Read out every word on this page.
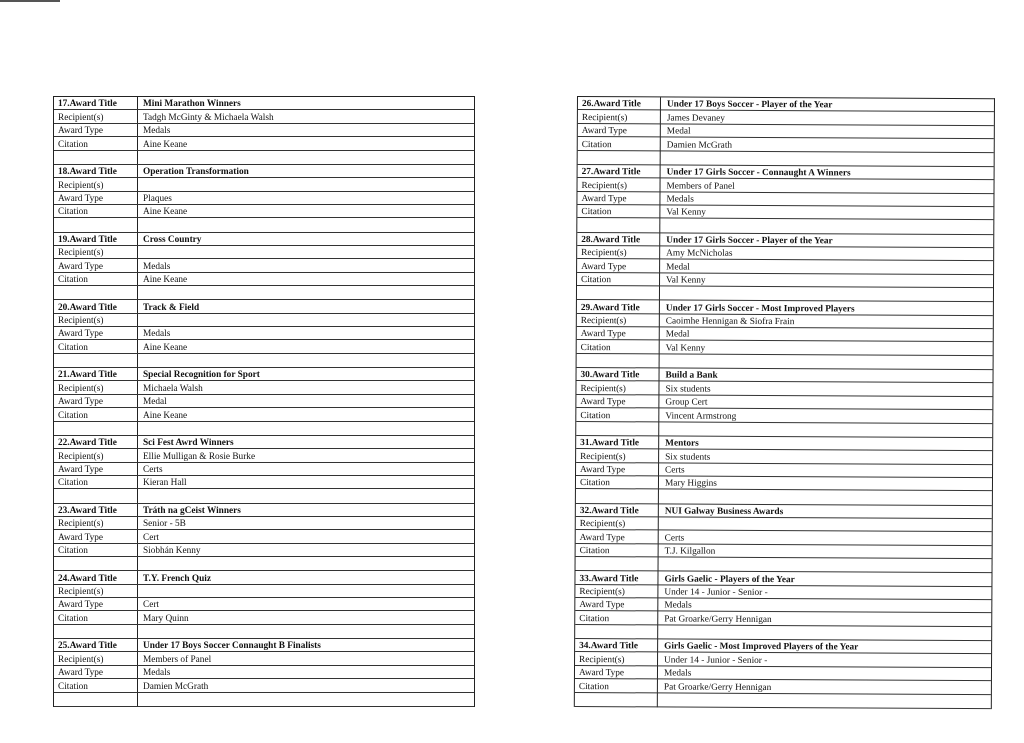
17.Award Title	Mini Marathon Winners
Recipient(s)	Tadgh McGinty & Michaela Walsh
Award Type	Medals
Citation	Aine Keane
18.Award Title	Operation Transformation
Recipient(s)
Award Type	Plaques
Citation	Aine Keane
19.Award Title	Cross Country
Recipient(s)
Award Type	Medals
Citation	Aine Keane
20.Award Title	Track & Field
Recipient(s)
Award Type	Medals
Citation	Aine Keane
21.Award Title	Special Recognition for Sport
Recipient(s)	Michaela Walsh
Award Type	Medal
Citation	Aine Keane
22.Award Title	Sci Fest Awrd Winners
Recipient(s)	Ellie Mulligan & Rosie Burke
Award Type	Certs
Citation	Kieran Hall
23.Award Title	Tráth na gCeist Winners
Recipient(s)	Senior - 5B
Award Type	Cert
Citation	Siobhán Kenny
24.Award Title	T.Y. French Quiz
Recipient(s)
Award Type	Cert
Citation	Mary Quinn
25.Award Title	Under 17 Boys Soccer Connaught B Finalists
Recipient(s)	Members of Panel
Award Type	Medals
Citation	Damien McGrath
26.Award Title	Under 17 Boys Soccer - Player of the Year
Recipient(s)	James Devaney
Award Type	Medal
Citation	Damien McGrath
27.Award Title	Under 17 Girls Soccer - Connaught A Winners
Recipient(s)	Members of Panel
Award Type	Medals
Citation	Val Kenny
28.Award Title	Under 17 Girls Soccer - Player of the Year
Recipient(s)	Amy McNicholas
Award Type	Medal
Citation	Val Kenny
29.Award Title	Under 17 Girls Soccer - Most Improved Players
Recipient(s)	Caoimhe Hennigan & Siofra Frain
Award Type	Medal
Citation	Val Kenny
30.Award Title	Build a Bank
Recipient(s)	Six students
Award Type	Group Cert
Citation	Vincent Armstrong
31.Award Title	Mentors
Recipient(s)	Six students
Award Type	Certs
Citation	Mary Higgins
32.Award Title	NUI Galway Business Awards
Recipient(s)
Award Type	Certs
Citation	T.J. Kilgallon
33.Award Title	Girls Gaelic - Players of the Year
Recipient(s)	Under 14 - Junior - Senior -
Award Type	Medals
Citation	Pat Groarke/Gerry Hennigan
34.Award Title	Girls Gaelic - Most Improved Players of the Year
Recipient(s)	Under 14 - Junior - Senior -
Award Type	Medals
Citation	Pat Groarke/Gerry Hennigan
